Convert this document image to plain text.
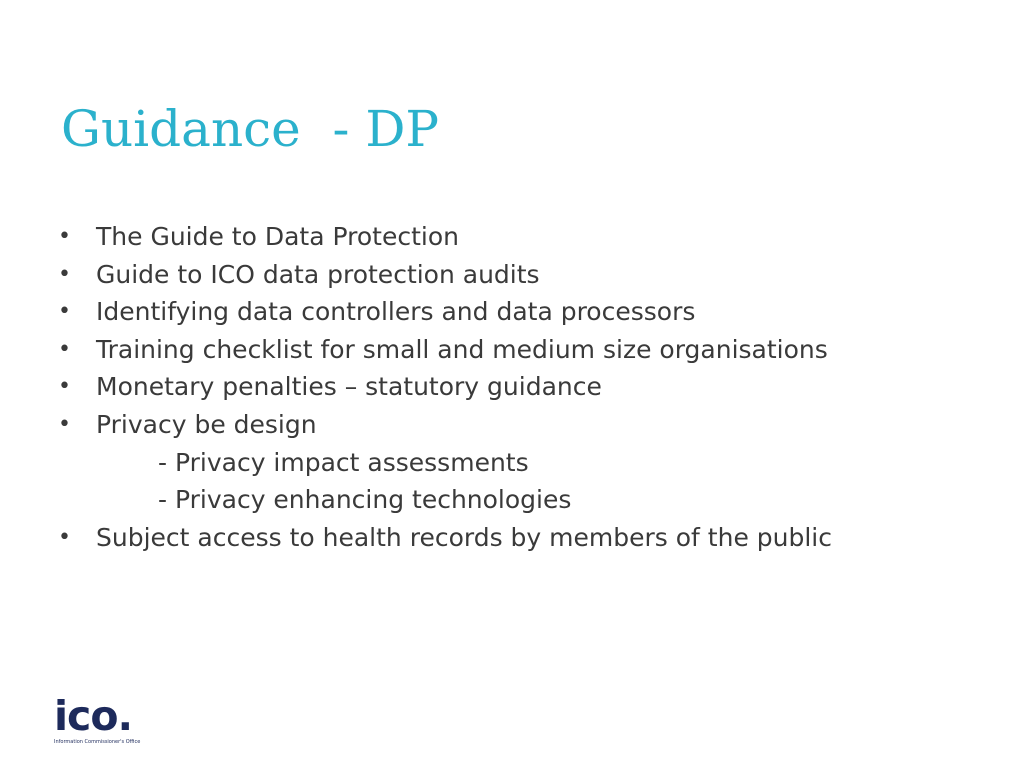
Guidance  - DP

•

The Guide to Data Protection

•

Guide to ICO data protection audits

•

Identifying data controllers and data processors

•

Training checklist for small and medium size organisations

•

Monetary penalties – statutory guidance

•

Privacy be design

- Privacy impact assessments

- Privacy enhancing technologies

•

Subject access to health records by members of the public

ico.
Information Commissioner's Office
